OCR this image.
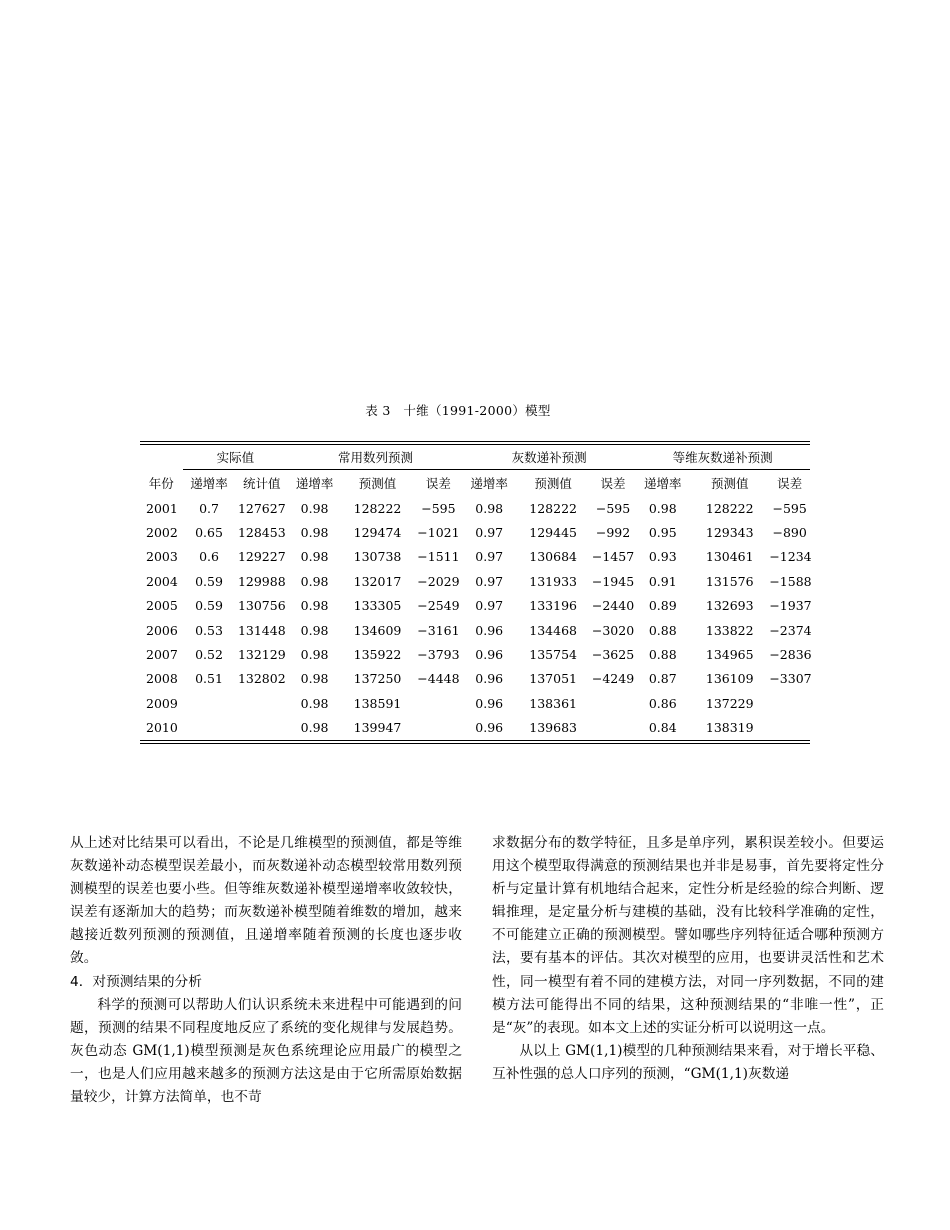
表 3　十维（1991-2000）模型
	实际值		常用数列预测			灰数递补预测			等维灰数递补预测		
年份	递增率	统计值	递增率	预测值	误差	递增率	预测值	误差	递增率	预测值	误差
2001	0.7	127627	0.98	128222	−595	0.98	128222	−595	0.98	128222	−595
2002	0.65	128453	0.98	129474	−1021	0.97	129445	−992	0.95	129343	−890
2003	0.6	129227	0.98	130738	−1511	0.97	130684	−1457	0.93	130461	−1234
2004	0.59	129988	0.98	132017	−2029	0.97	131933	−1945	0.91	131576	−1588
2005	0.59	130756	0.98	133305	−2549	0.97	133196	−2440	0.89	132693	−1937
2006	0.53	131448	0.98	134609	−3161	0.96	134468	−3020	0.88	133822	−2374
2007	0.52	132129	0.98	135922	−3793	0.96	135754	−3625	0.88	134965	−2836
2008	0.51	132802	0.98	137250	−4448	0.96	137051	−4249	0.87	136109	−3307
2009			0.98	138591		0.96	138361		0.86	137229	
2010			0.98	139947		0.96	139683		0.84	138319	

从上述对比结果可以看出，不论是几维模型的预测值，都是等维灰数递补动态模型误差最小，而灰数递补动态模型较常用数列预测模型的误差也要小些。但等维灰数递补模型递增率收敛较快，误差有逐渐加大的趋势；而灰数递补模型随着维数的增加，越来越接近数列预测的预测值，且递增率随着预测的长度也逐步收敛。

4．对预测结果的分析

科学的预测可以帮助人们认识系统未来进程中可能遇到的问题，预测的结果不同程度地反应了系统的变化规律与发展趋势。灰色动态 GM(1,1)模型预测是灰色系统理论应用最广的模型之一，也是人们应用越来越多的预测方法这是由于它所需原始数据量较少，计算方法简单，也不苛

求数据分布的数学特征，且多是单序列，累积误差较小。但要运用这个模型取得满意的预测结果也并非是易事，首先要将定性分析与定量计算有机地结合起来，定性分析是经验的综合判断、逻辑推理，是定量分析与建模的基础，没有比较科学准确的定性，不可能建立正确的预测模型。譬如哪些序列特征适合哪种预测方法，要有基本的评估。其次对模型的应用，也要讲灵活性和艺术性，同一模型有着不同的建模方法，对同一序列数据，不同的建模方法可能得出不同的结果，这种预测结果的“非唯一性”，正是“灰”的表现。如本文上述的实证分析可以说明这一点。

从以上 GM(1,1)模型的几种预测结果来看，对于增长平稳、互补性强的总人口序列的预测，“GM(1,1)灰数递
